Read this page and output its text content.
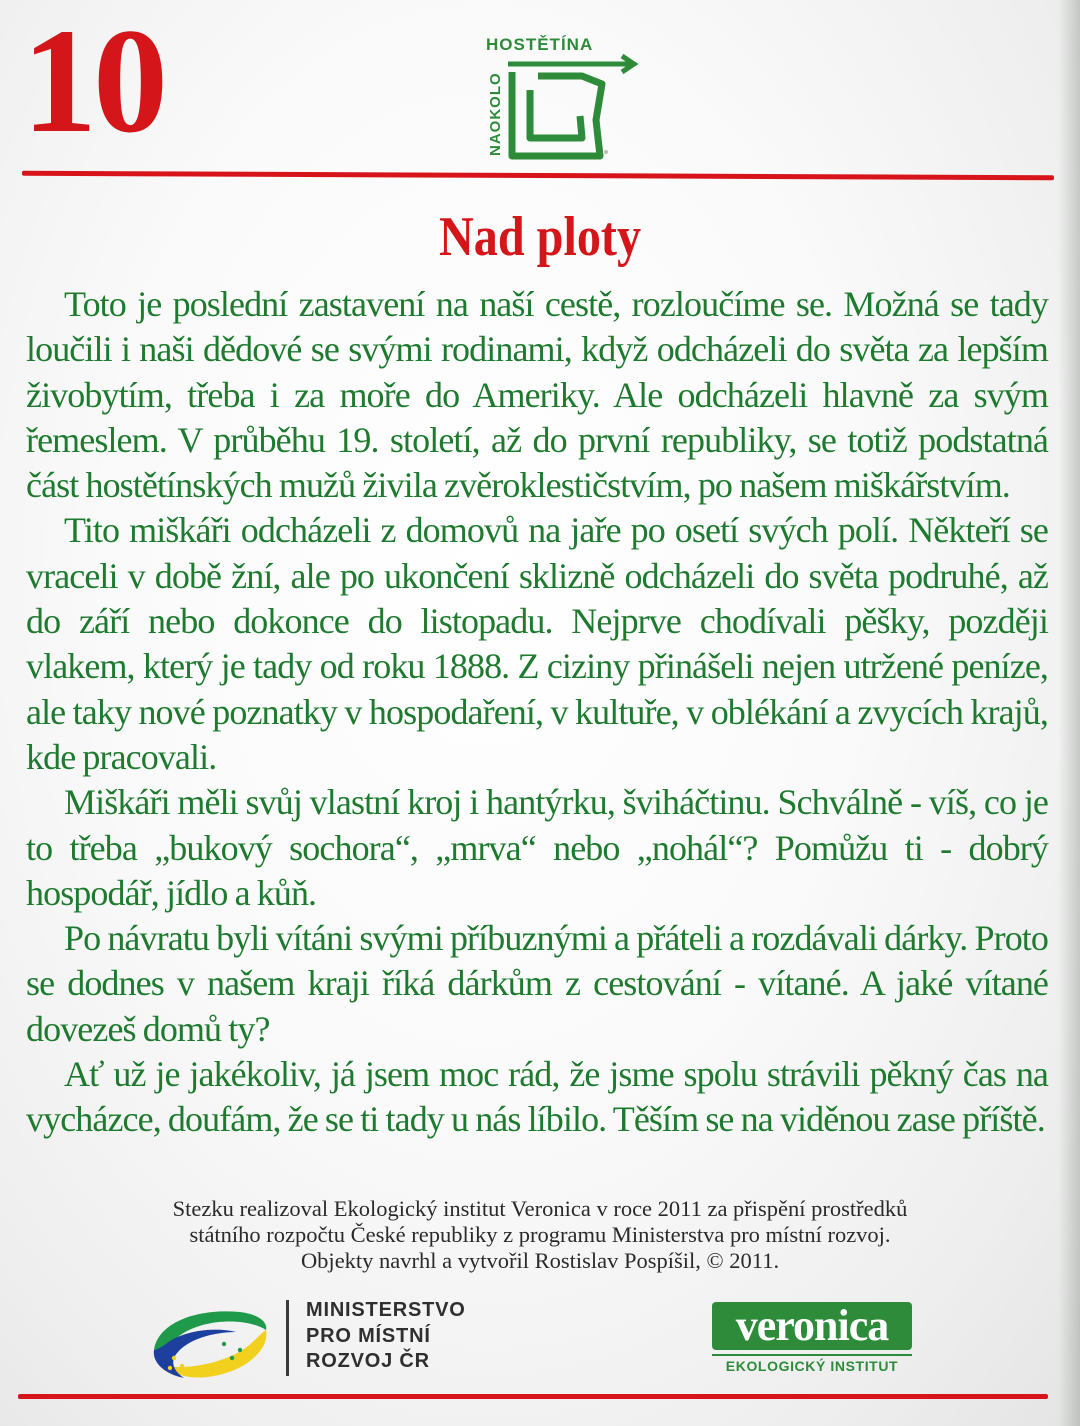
10	HOSTĚTÍNA
NAOKOLO
Nad ploty

Toto je poslední zastavení na naší cestě, rozloučíme se. Možná se tady loučili i naši dědové se svými rodinami, když odcházeli do světa za lepším živobytím, třeba i za moře do Ameriky. Ale odcházeli hlavně za svým řemeslem. V průběhu 19. století, až do první republiky, se totiž podstatná část hostětínských mužů živila zvěroklestičstvím, po našem miškářstvím.

Tito miškáři odcházeli z domovů na jaře po osetí svých polí. Někteří se vraceli v době žní, ale po ukončení sklizně odcházeli do světa podruhé, až do září nebo dokonce do listopadu. Nejprve chodívali pěšky, později vlakem, který je tady od roku 1888. Z ciziny přinášeli nejen utržené peníze, ale taky nové poznatky v hospodaření, v kultuře, v oblékání a zvycích krajů, kde pracovali.

Miškáři měli svůj vlastní kroj i hantýrku, šviháčtinu. Schválně - víš, co je to třeba „bukový sochora“, „mrva“ nebo „nohál“? Pomůžu ti - dobrý hospodář, jídlo a kůň.

Po návratu byli vítáni svými příbuznými a přáteli a rozdávali dárky. Proto se dodnes v našem kraji říká dárkům z cestování - vítané. A jaké vítané dovezeš domů ty?

Ať už je jakékoliv, já jsem moc rád, že jsme spolu strávili pěkný čas na vycházce, doufám, že se ti tady u nás líbilo. Těším se na viděnou zase příště.

Stezku realizoval Ekologický institut Veronica v roce 2011 za přispění prostředků
státního rozpočtu České republiky z programu Ministerstva pro místní rozvoj.
Objekty navrhl a vytvořil Rostislav Pospíšil, © 2011.
MINISTERSTVO
PRO MÍSTNÍ
ROZVOJ ČR
veronica
EKOLOGICKÝ INSTITUT
